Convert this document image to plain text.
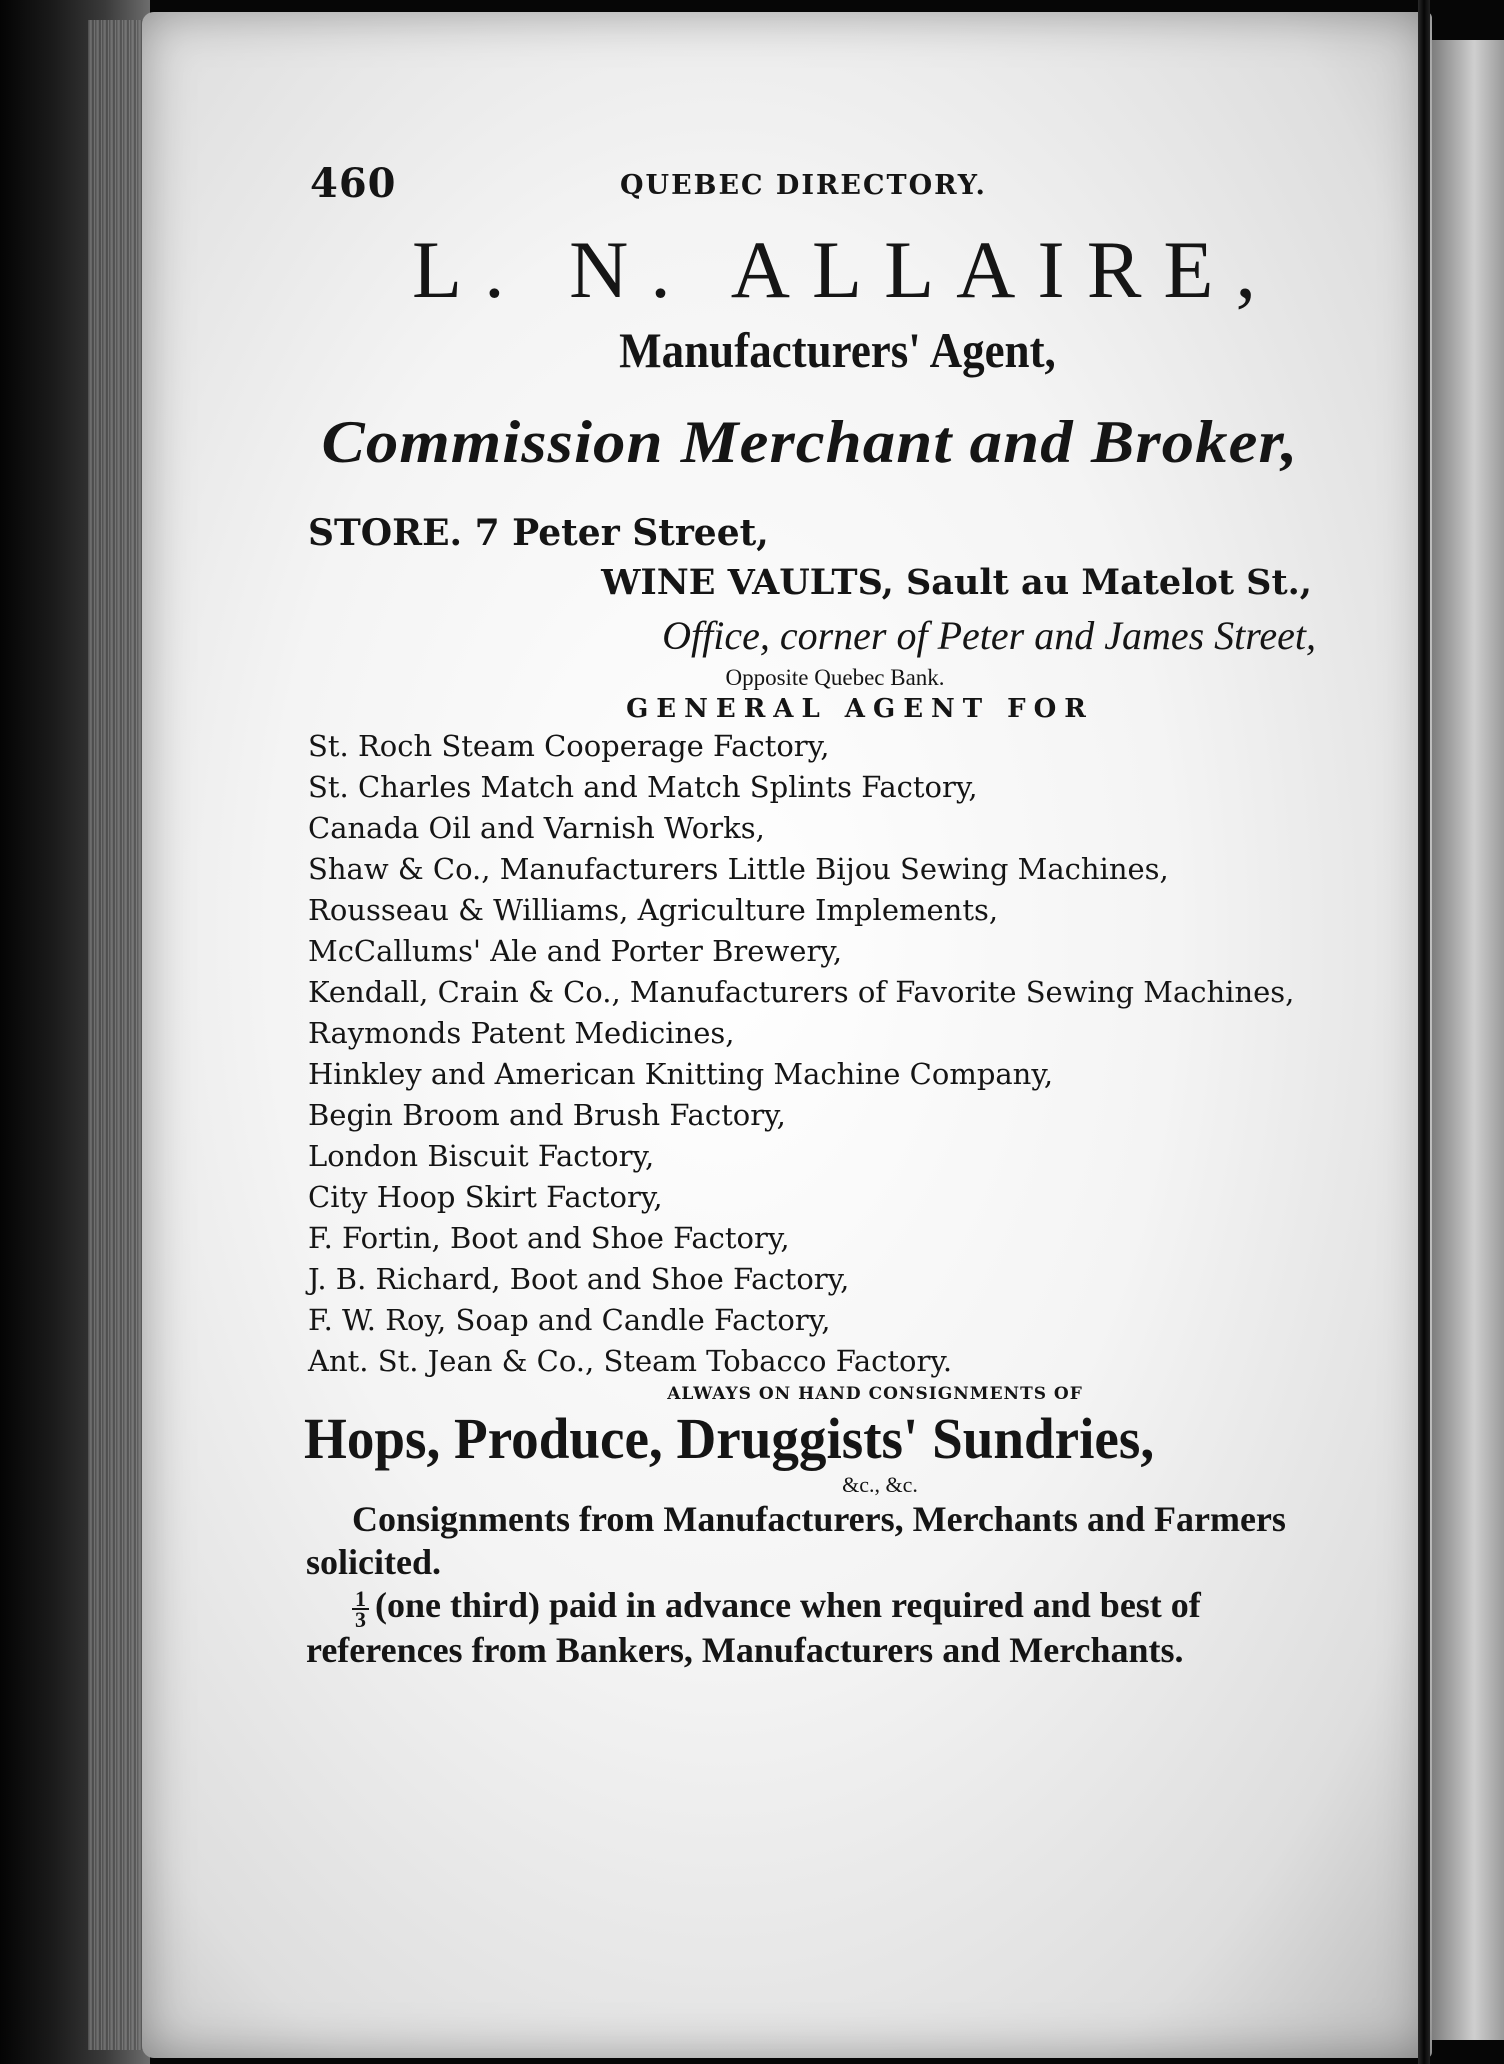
460	QUEBEC DIRECTORY.
L. N. ALLAIRE,
Manufacturers' Agent,
Commission Merchant and Broker,
STORE. 7 Peter Street,
WINE VAULTS, Sault au Matelot St.,
Office, corner of Peter and James Street,
Opposite Quebec Bank.
GENERAL AGENT FOR
St. Roch Steam Cooperage Factory,
St. Charles Match and Match Splints Factory,
Canada Oil and Varnish Works,
Shaw & Co., Manufacturers Little Bijou Sewing Machines,
Rousseau & Williams, Agriculture Implements,
McCallums' Ale and Porter Brewery,
Kendall, Crain & Co., Manufacturers of Favorite Sewing Machines,
Raymonds Patent Medicines,
Hinkley and American Knitting Machine Company,
Begin Broom and Brush Factory,
London Biscuit Factory,
City Hoop Skirt Factory,
F. Fortin, Boot and Shoe Factory,
J. B. Richard, Boot and Shoe Factory,
F. W. Roy, Soap and Candle Factory,
Ant. St. Jean & Co., Steam Tobacco Factory.
ALWAYS ON HAND CONSIGNMENTS OF
Hops, Produce, Druggists' Sundries,
&c., &c.

Consignments from Manufacturers, Merchants and Farmers solicited.

$\frac{1}{3} (one$ third) paid in advance when required and best of references from Bankers, Manufacturers and Merchants.
